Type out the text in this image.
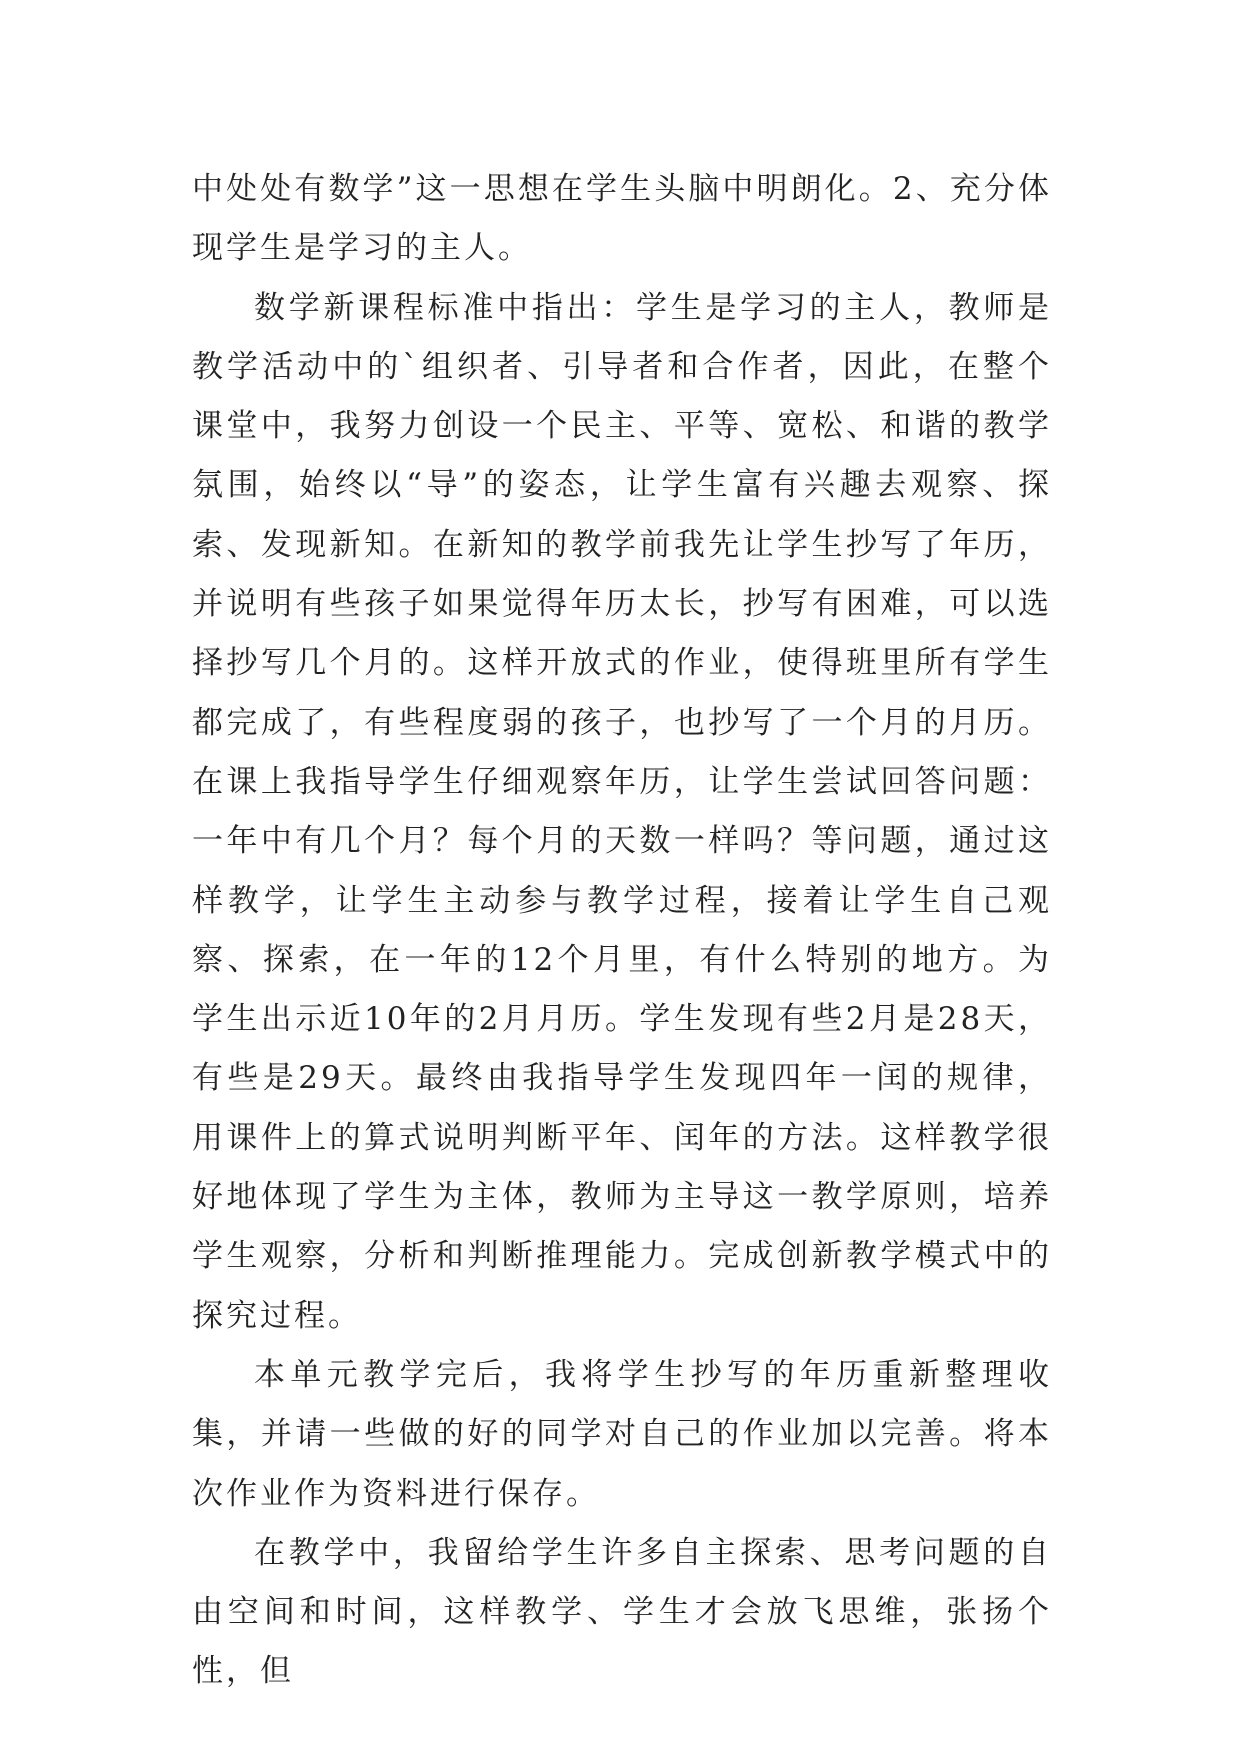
中处处有数学”这一思想在学生头脑中明朗化。2、充分体现学生是学习的主人。

数学新课程标准中指出：学生是学习的主人，教师是教学活动中的`组织者、引导者和合作者，因此，在整个课堂中，我努力创设一个民主、平等、宽松、和谐的教学氛围，始终以“导”的姿态，让学生富有兴趣去观察、探索、发现新知。在新知的教学前我先让学生抄写了年历，并说明有些孩子如果觉得年历太长，抄写有困难，可以选择抄写几个月的。这样开放式的作业，使得班里所有学生都完成了，有些程度弱的孩子，也抄写了一个月的月历。在课上我指导学生仔细观察年历，让学生尝试回答问题：一年中有几个月？每个月的天数一样吗？等问题，通过这样教学，让学生主动参与教学过程，接着让学生自己观察、探索，在一年的12个月里，有什么特别的地方。为学生出示近10年的2月月历。学生发现有些2月是28天，有些是29天。最终由我指导学生发现四年一闰的规律，用课件上的算式说明判断平年、闰年的方法。这样教学很好地体现了学生为主体，教师为主导这一教学原则，培养学生观察，分析和判断推理能力。完成创新教学模式中的探究过程。

本单元教学完后，我将学生抄写的年历重新整理收集，并请一些做的好的同学对自己的作业加以完善。将本次作业作为资料进行保存。

在教学中，我留给学生许多自主探索、思考问题的自由空间和时间，这样教学、学生才会放飞思维，张扬个性，但
